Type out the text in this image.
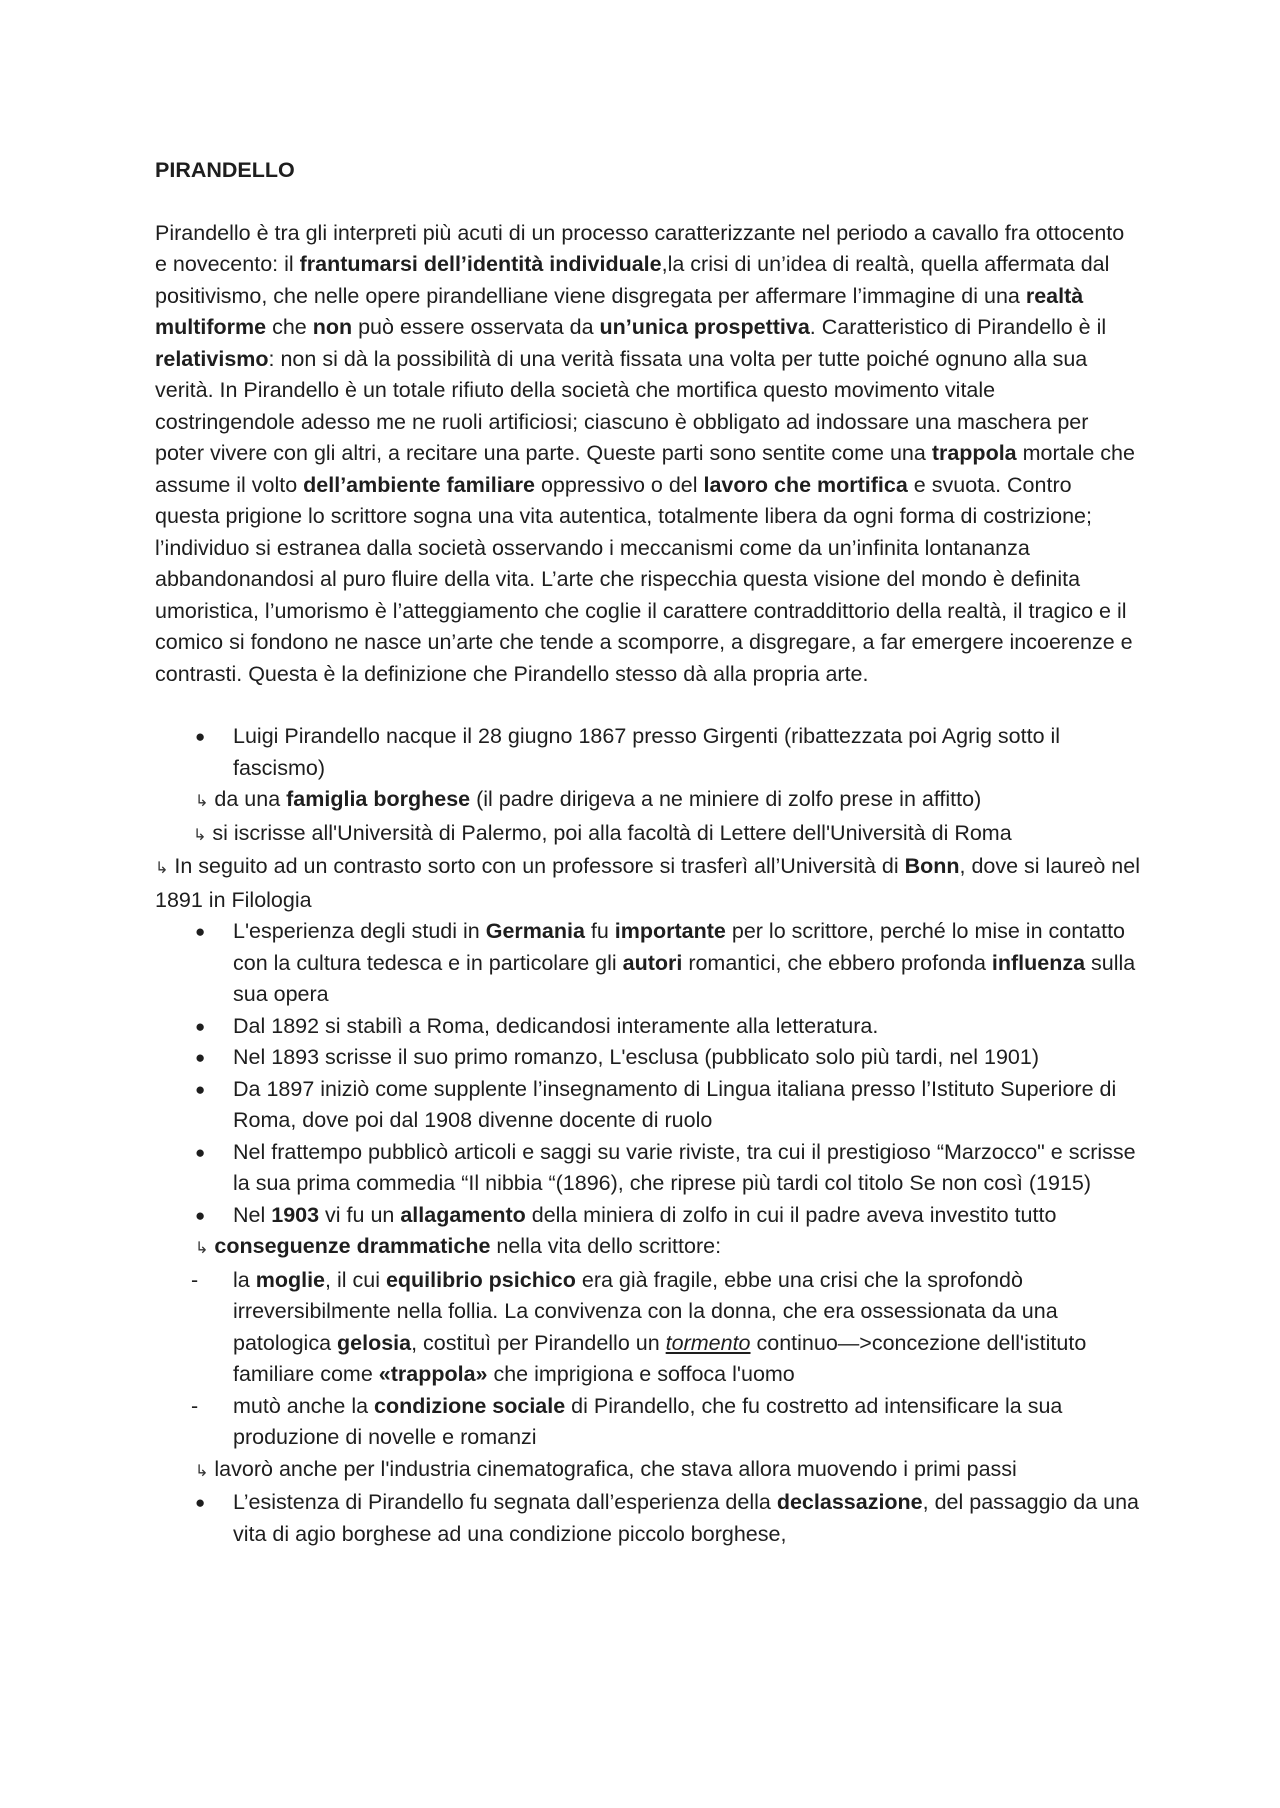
PIRANDELLO
Pirandello è tra gli interpreti più acuti di un processo caratterizzante nel periodo a cavallo fra ottocento e novecento: il frantumarsi dell’identità individuale,la crisi di un’idea di realtà, quella affermata dal positivismo, che nelle opere pirandelliane viene disgregata per affermare l’immagine di una realtà multiforme che non può essere osservata da un’unica prospettiva. Caratteristico di Pirandello è il relativismo: non si dà la possibilità di una verità fissata una volta per tutte poiché ognuno alla sua verità. In Pirandello è un totale rifiuto della società che mortifica questo movimento vitale costringendole adesso me ne ruoli artificiosi; ciascuno è obbligato ad indossare una maschera per poter vivere con gli altri, a recitare una parte. Queste parti sono sentite come una trappola mortale che assume il volto dell’ambiente familiare oppressivo o del lavoro che mortifica e svuota. Contro questa prigione lo scrittore sogna una vita autentica, totalmente libera da ogni forma di costrizione; l’individuo si estranea dalla società osservando i meccanismi come da un’infinita lontananza abbandonandosi al puro fluire della vita. L’arte che rispecchia questa visione del mondo è definita umoristica, l’umorismo è l’atteggiamento che coglie il carattere contraddittorio della realtà, il tragico e il comico si fondono ne nasce un’arte che tende a scomporre, a disgregare, a far emergere incoerenze e contrasti. Questa è la definizione che Pirandello stesso dà alla propria arte.
● Luigi Pirandello nacque il 28 giugno 1867 presso Girgenti (ribattezzata poi Agrig sotto il fascismo)
↳ da una famiglia borghese (il padre dirigeva a ne miniere di zolfo prese in affitto)
↳ si iscrisse all'Università di Palermo, poi alla facoltà di Lettere dell'Università di Roma
↳ In seguito ad un contrasto sorto con un professore si trasferì all’Università di Bonn, dove si laureò nel 1891 in Filologia
● L'esperienza degli studi in Germania fu importante per lo scrittore, perché lo mise in contatto con la cultura tedesca e in particolare gli autori romantici, che ebbero profonda influenza sulla sua opera
● Dal 1892 si stabilì a Roma, dedicandosi interamente alla letteratura.
● Nel 1893 scrisse il suo primo romanzo, L'esclusa (pubblicato solo più tardi, nel 1901)
● Da 1897 iniziò come supplente l’insegnamento di Lingua italiana presso l’Istituto Superiore di Roma, dove poi dal 1908 divenne docente di ruolo
● Nel frattempo pubblicò articoli e saggi su varie riviste, tra cui il prestigioso “Marzocco" e scrisse la sua prima commedia “Il nibbia “(1896), che riprese più tardi col titolo Se non così (1915)
● Nel 1903 vi fu un allagamento della miniera di zolfo in cui il padre aveva investito tutto
↳ conseguenze drammatiche nella vita dello scrittore:
- la moglie, il cui equilibrio psichico era già fragile, ebbe una crisi che la sprofondò irreversibilmente nella follia. La convivenza con la donna, che era ossessionata da una patologica gelosia, costituì per Pirandello un tormento continuo—>concezione dell'istituto familiare come «trappola» che imprigiona e soffoca l'uomo
- mutò anche la condizione sociale di Pirandello, che fu costretto ad intensificare la sua produzione di novelle e romanzi
↳ lavorò anche per l'industria cinematografica, che stava allora muovendo i primi passi
● L’esistenza di Pirandello fu segnata dall’esperienza della declassazione, del passaggio da una vita di agio borghese ad una condizione piccolo borghese,
